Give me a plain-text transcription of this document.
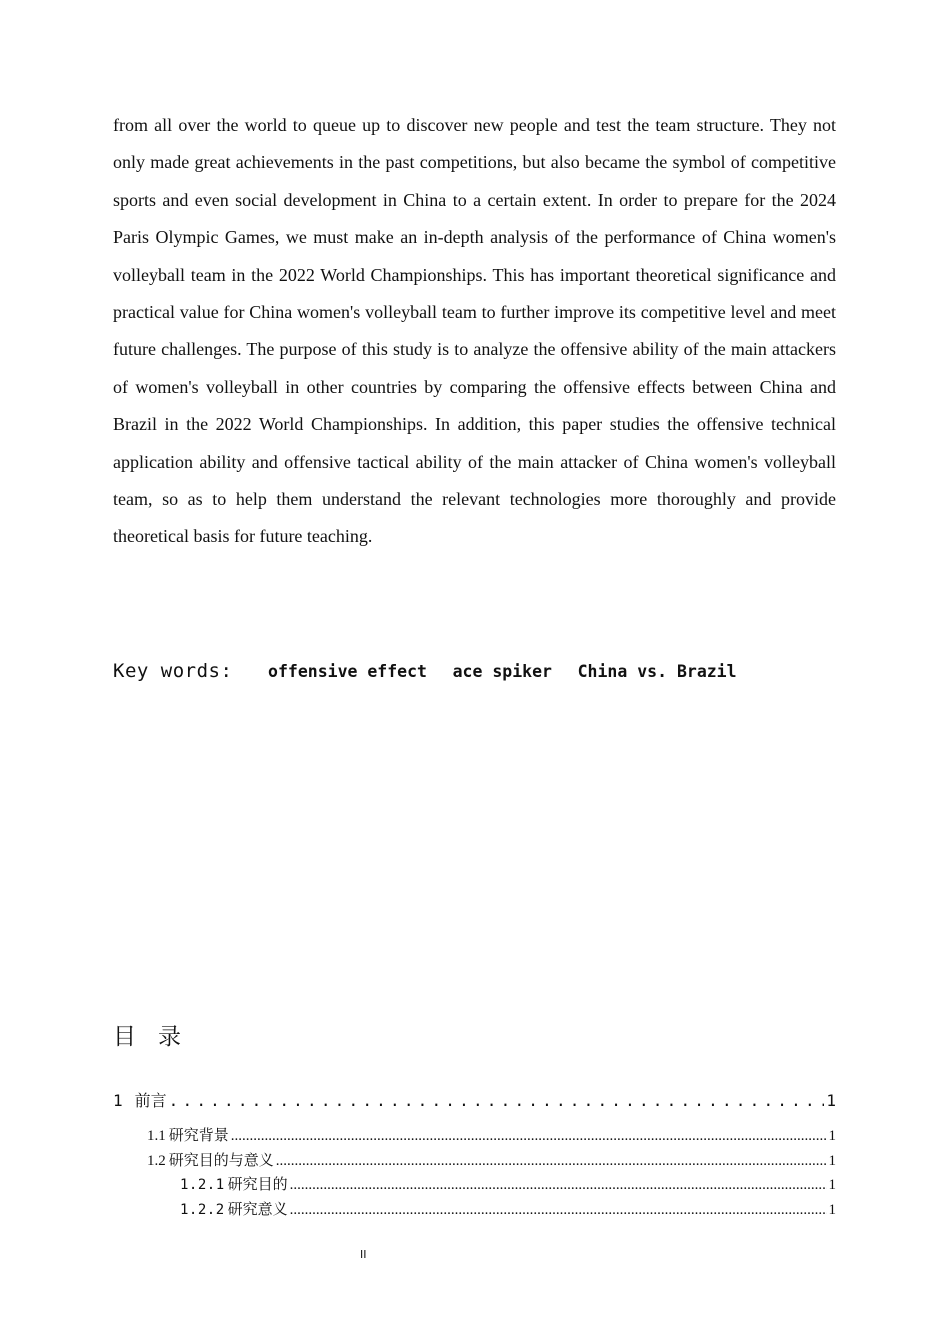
from all over the world to queue up to discover new people and test the team structure. They not only made great achievements in the past competitions, but also became the symbol of competitive sports and even social development in China to a certain extent. In order to prepare for the 2024 Paris Olympic Games, we must make an in-depth analysis of the performance of China women's volleyball team in the 2022 World Championships. This has important theoretical significance and practical value for China women's volleyball team to further improve its competitive level and meet future challenges. The purpose of this study is to analyze the offensive ability of the main attackers of women's volleyball in other countries by comparing the offensive effects between China and Brazil in the 2022 World Championships. In addition, this paper studies the offensive technical application ability and offensive tactical ability of the main attacker of China women's volleyball team, so as to help them understand the relevant technologies more thoroughly and provide theoretical basis for future teaching.

Key words: offensive effect ace spiker China vs. Brazil
目录
1 前言 .....	1
1.1 研究背景 .....	1
1.2 研究目的与意义 .....	1
1.2.1 研究目的 .....	1
1.2.2 研究意义 .....	1
II
